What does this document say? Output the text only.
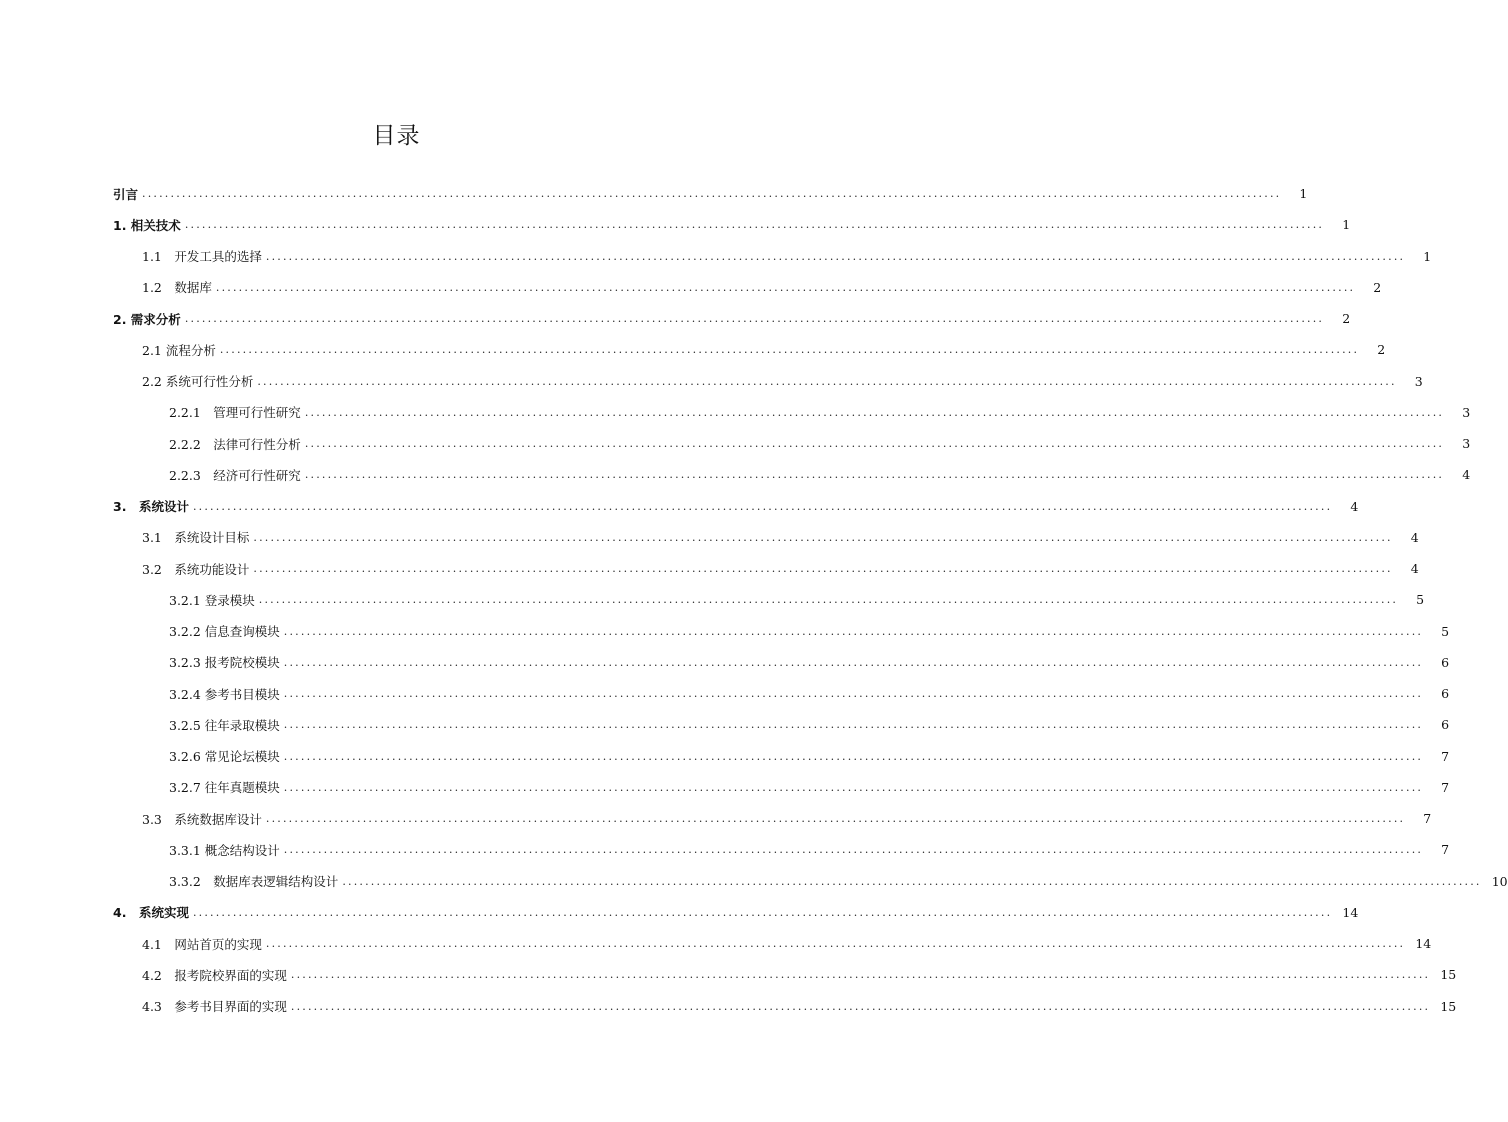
目录
引言 ........................................................................................................................................................................................................	1
1. 相关技术 ........................................................................................................................................................................................................	1
1.1　开发工具的选择 ........................................................................................................................................................................................................	1
1.2　数据库 ........................................................................................................................................................................................................	2
2. 需求分析 ........................................................................................................................................................................................................	2
2.1 流程分析 ........................................................................................................................................................................................................	2
2.2 系统可行性分析 ........................................................................................................................................................................................................	3
2.2.1　管理可行性研究 ........................................................................................................................................................................................................	3
2.2.2　法律可行性分析 ........................................................................................................................................................................................................	3
2.2.3　经济可行性研究 ........................................................................................................................................................................................................	4
3.　系统设计 ........................................................................................................................................................................................................	4
3.1　系统设计目标 ........................................................................................................................................................................................................	4
3.2　系统功能设计 ........................................................................................................................................................................................................	4
3.2.1 登录模块 ........................................................................................................................................................................................................	5
3.2.2 信息查询模块 ........................................................................................................................................................................................................	5
3.2.3 报考院校模块 ........................................................................................................................................................................................................	6
3.2.4 参考书目模块 ........................................................................................................................................................................................................	6
3.2.5 往年录取模块 ........................................................................................................................................................................................................	6
3.2.6 常见论坛模块 ........................................................................................................................................................................................................	7
3.2.7 往年真题模块 ........................................................................................................................................................................................................	7
3.3　系统数据库设计 ........................................................................................................................................................................................................	7
3.3.1 概念结构设计 ........................................................................................................................................................................................................	7
3.3.2　数据库表逻辑结构设计 ........................................................................................................................................................................................................ 10
4.　系统实现 ........................................................................................................................................................................................................ 14
4.1　网站首页的实现 ........................................................................................................................................................................................................ 14
4.2　报考院校界面的实现 ........................................................................................................................................................................................................ 15
4.3　参考书目界面的实现 ........................................................................................................................................................................................................ 15
